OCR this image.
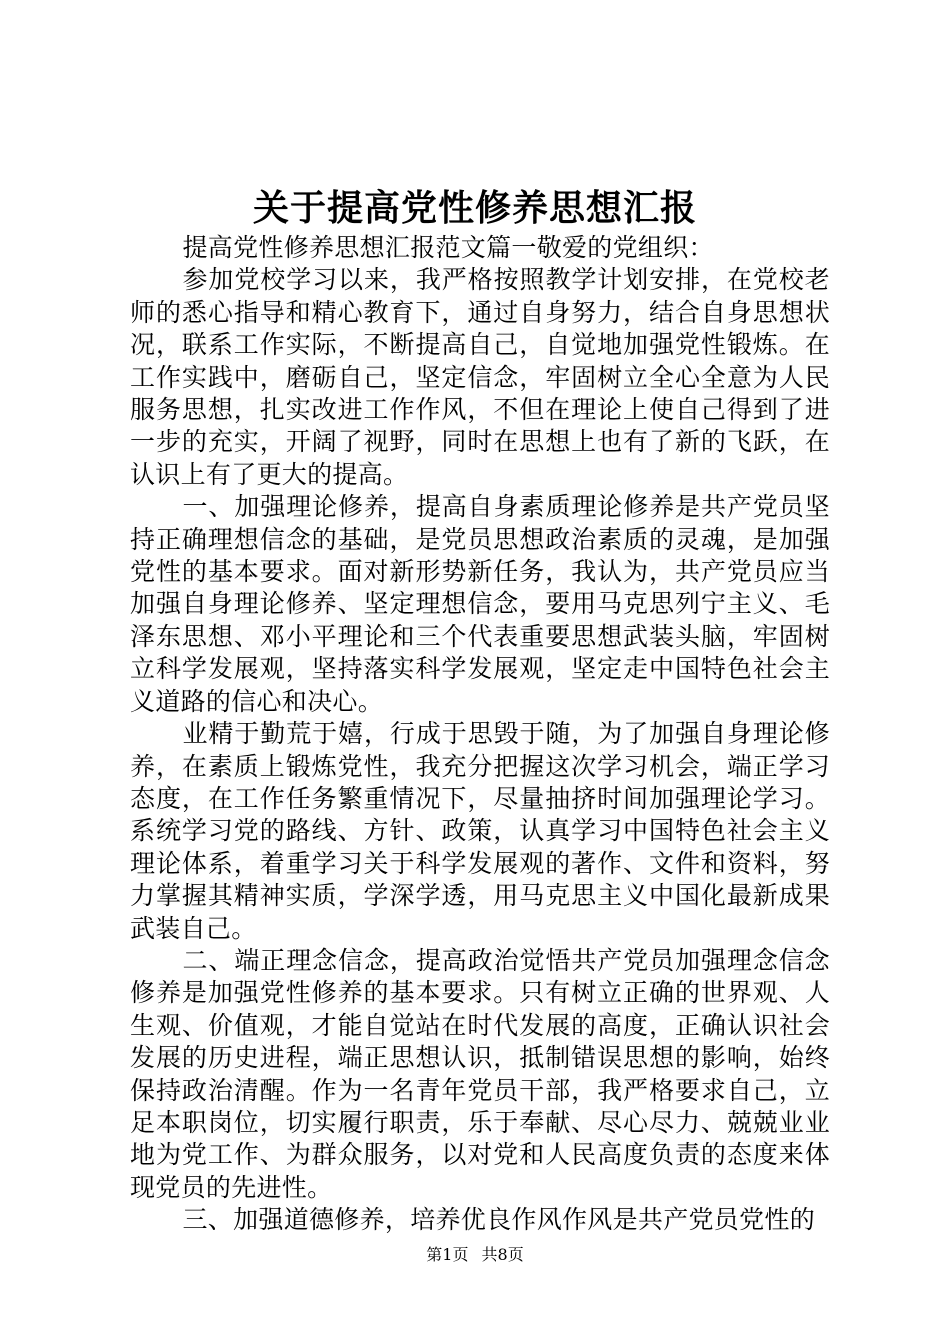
关于提高党性修养思想汇报

提高党性修养思想汇报范文篇一敬爱的党组织：

参加党校学习以来，我严格按照教学计划安排，在党校老师的悉心指导和精心教育下，通过自身努力，结合自身思想状况，联系工作实际，不断提高自己，自觉地加强党性锻炼。在工作实践中，磨砺自己，坚定信念，牢固树立全心全意为人民服务思想，扎实改进工作作风，不但在理论上使自己得到了进一步的充实，开阔了视野，同时在思想上也有了新的飞跃，在认识上有了更大的提高。

一、加强理论修养，提高自身素质理论修养是共产党员坚持正确理想信念的基础，是党员思想政治素质的灵魂，是加强党性的基本要求。面对新形势新任务，我认为，共产党员应当加强自身理论修养、坚定理想信念，要用马克思列宁主义、毛泽东思想、邓小平理论和三个代表重要思想武装头脑，牢固树立科学发展观，坚持落实科学发展观，坚定走中国特色社会主义道路的信心和决心。

业精于勤荒于嬉，行成于思毁于随，为了加强自身理论修养，在素质上锻炼党性，我充分把握这次学习机会，端正学习态度，在工作任务繁重情况下，尽量抽挤时间加强理论学习。系统学习党的路线、方针、政策，认真学习中国特色社会主义理论体系，着重学习关于科学发展观的著作、文件和资料，努力掌握其精神实质，学深学透，用马克思主义中国化最新成果武装自己。

二、端正理念信念，提高政治觉悟共产党员加强理念信念修养是加强党性修养的基本要求。只有树立正确的世界观、人生观、价值观，才能自觉站在时代发展的高度，正确认识社会发展的历史进程，端正思想认识，抵制错误思想的影响，始终保持政治清醒。作为一名青年党员干部，我严格要求自己，立足本职岗位，切实履行职责，乐于奉献、尽心尽力、兢兢业业地为党工作、为群众服务，以对党和人民高度负责的态度来体现党员的先进性。

三、加强道德修养，培养优良作风作风是共产党员党性的

第1页 共8页
